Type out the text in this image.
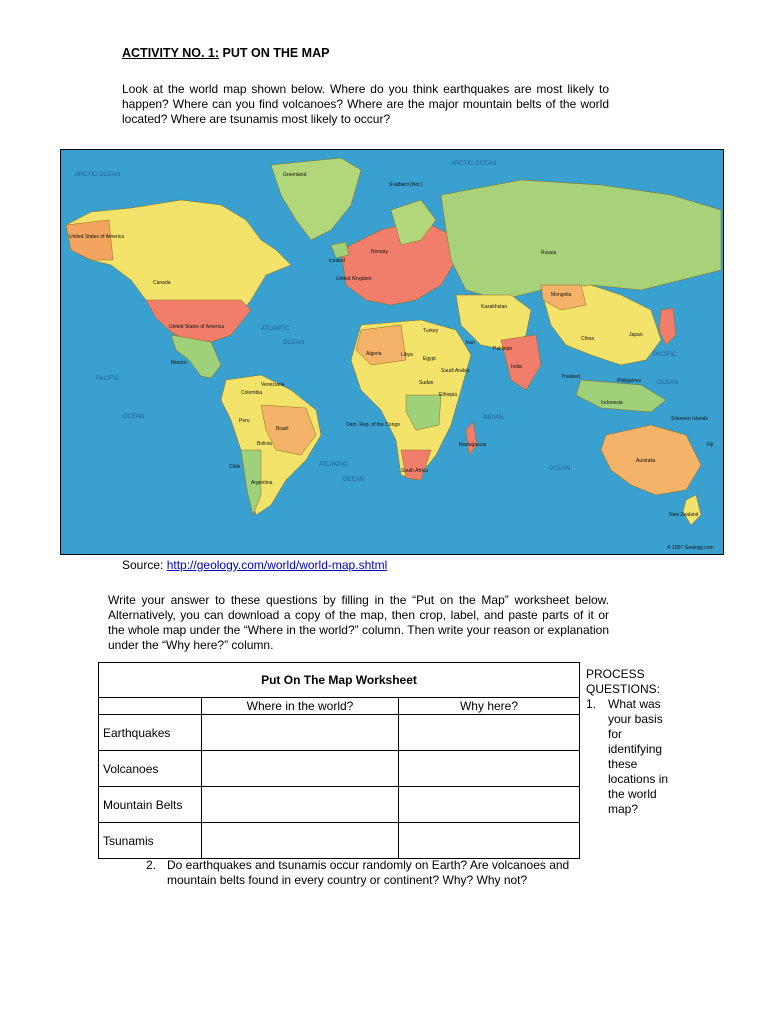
ACTIVITY NO. 1: PUT ON THE MAP
Look at the world map shown below. Where do you think earthquakes are most likely to happen? Where can you find volcanoes? Where are the major mountain belts of the world located? Where are tsunamis most likely to occur?
ARCTIC OCEAN
ARCTIC OCEAN
ATLANTIC
OCEAN
PACIFIC
OCEAN
ATLANTIC
OCEAN
INDIAN
OCEAN
PACIFIC
OCEAN
Greenland
Svalbard (Nor.)
United States of America
Canada
United States of America
Iceland
Norway
United Kingdom
Russia
Kazakhstan
Mongolia
China
Japan
India
Iran
Turkey
Algeria	Libya
Egypt
Mexico
Brazil
Peru
Bolivia
Chile
Argentina
Colombia
Venezuela
Dem. Rep. of the Congo
Sudan
Ethiopia
South Africa
Madagascar
Australia
New Zealand
Indonesia
Philippines
Thailand
Pakistan
Saudi Arabia
Solomon Islands
Fiji
© 2007 Geology.com
Source: http://geology.com/world/world-map.shtml
Write your answer to these questions by filling in the “Put on the Map” worksheet below. Alternatively, you can download a copy of the map, then crop, label, and paste parts of it or the whole map under the “Where in the world?” column. Then write your reason or explanation under the “Why here?” column.
Put On The Map Worksheet		
	Where in the world?	Why here?
Earthquakes		
Volcanoes		
Mountain Belts		
Tsunamis		
PROCESS QUESTIONS:
1. What was your basis for identifying these locations in the world map?
2. Do earthquakes and tsunamis occur randomly on Earth? Are volcanoes and mountain belts found in every country or continent? Why? Why not?
